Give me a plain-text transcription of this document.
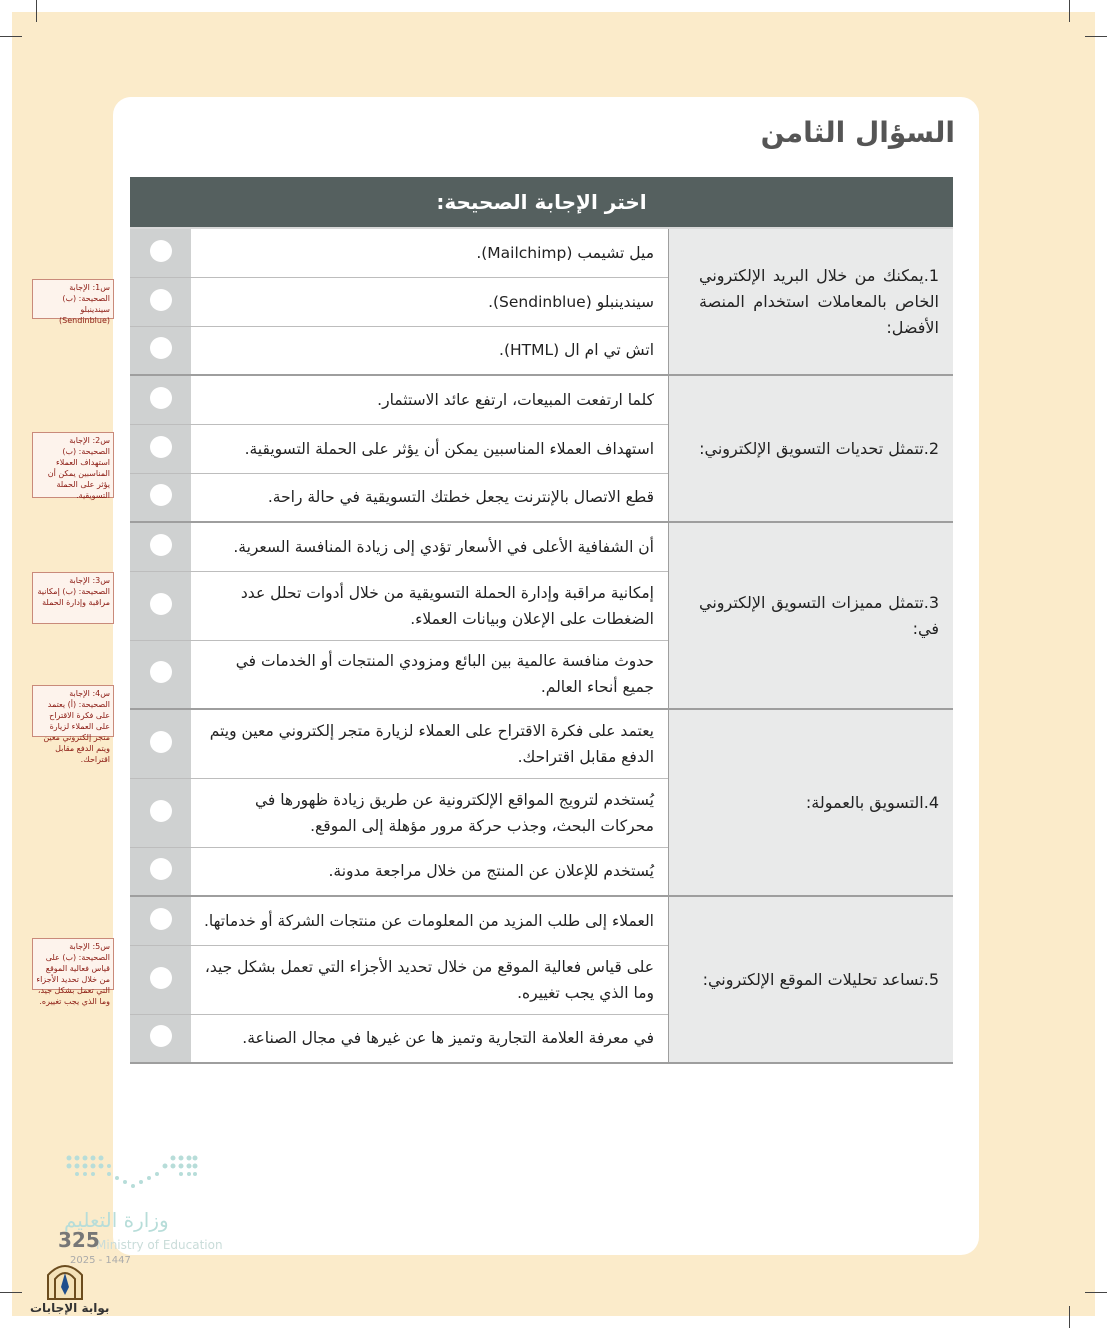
السؤال الثامن
اختر الإجابة الصحيحة:		
1.يمكنك من خلال البريد الإلكتروني الخاص بالمعاملات استخدام المنصة الأفضل:	ميل تشيمب (Mailchimp).	
	سيندينبلو (Sendinblue).	
	اتش تي ام ال (HTML).	
2.تتمثل تحديات التسويق الإلكتروني:	كلما ارتفعت المبيعات، ارتفع عائد الاستثمار.	
	استهداف العملاء المناسبين يمكن أن يؤثر على الحملة التسويقية.	
	قطع الاتصال بالإنترنت يجعل خطتك التسويقية في حالة راحة.	
3.تتمثل مميزات التسويق الإلكتروني في:	أن الشفافية الأعلى في الأسعار تؤدي إلى زيادة المنافسة السعرية.	
	إمكانية مراقبة وإدارة الحملة التسويقية من خلال أدوات تحلل عدد الضغطات على الإعلان وبيانات العملاء.	
	حدوث منافسة عالمية بين البائع ومزودي المنتجات أو الخدمات في جميع أنحاء العالم.	
4.التسويق بالعمولة:	يعتمد على فكرة الاقتراح على العملاء لزيارة متجر إلكتروني معين ويتم الدفع مقابل اقتراحك.	
	يُستخدم لترويج المواقع الإلكترونية عن طريق زيادة ظهورها في محركات البحث، وجذب حركة مرور مؤهلة إلى الموقع.	
	يُستخدم للإعلان عن المنتج من خلال مراجعة مدونة.	
5.تساعد تحليلات الموقع الإلكتروني:	العملاء إلى طلب المزيد من المعلومات عن منتجات الشركة أو خدماتها.	
	على قياس فعالية الموقع من خلال تحديد الأجزاء التي تعمل بشكل جيد، وما الذي يجب تغييره.	
	في معرفة العلامة التجارية وتميز ها عن غيرها في مجال الصناعة.	
س1: الإجابة الصحيحة: (ب) سيندينبلو (Sendinblue)
س2: الإجابة الصحيحة: (ب) استهداف العملاء المناسبين يمكن أن يؤثر على الحملة التسويقية.
س3: الإجابة الصحيحة: (ب) إمكانية مراقبة وإدارة الحملة
س4: الإجابة الصحيحة: (أ) يعتمد على فكرة الاقتراح على العملاء لزيارة متجر إلكتروني معين ويتم الدفع مقابل اقتراحك.
س5: الإجابة الصحيحة: (ب) على قياس فعالية الموقع من خلال تحديد الأجزاء التي تعمل بشكل جيد، وما الذي يجب تغييره.
وزارة التعليم
Ministry of Education
325
2025 - 1447
بوابة الإجابات
